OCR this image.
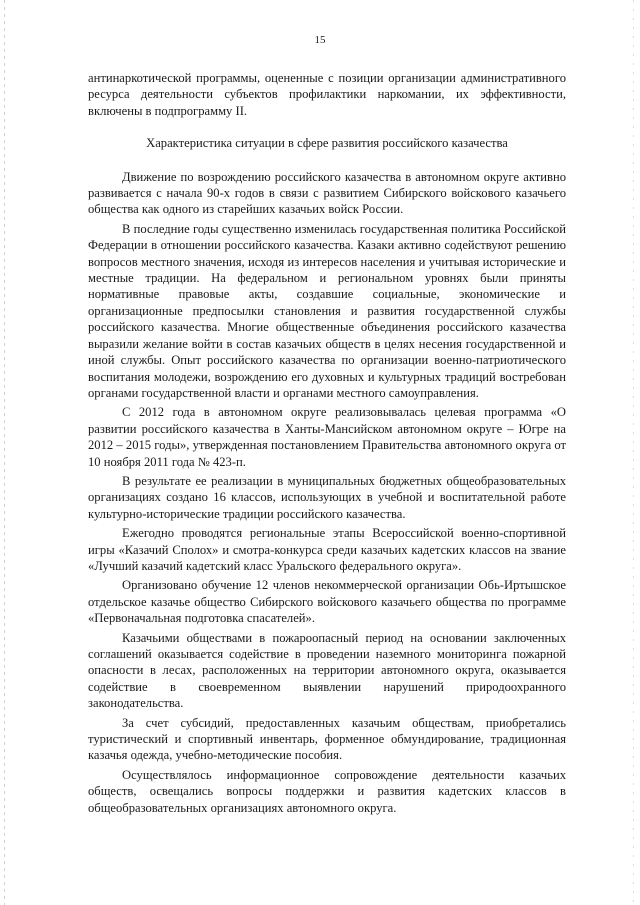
15

антинаркотической программы, оцененные с позиции организации административного ресурса деятельности субъектов профилактики наркомании, их эффективности, включены в подпрограмму II.

Характеристика ситуации в сфере развития российского казачества

Движение по возрождению российского казачества в автономном округе активно развивается с начала 90-х годов в связи с развитием Сибирского войскового казачьего общества как одного из старейших казачьих войск России.

В последние годы существенно изменилась государственная политика Российской Федерации в отношении российского казачества. Казаки активно содействуют решению вопросов местного значения, исходя из интересов населения и учитывая исторические и местные традиции. На федеральном и региональном уровнях были приняты нормативные правовые акты, создавшие социальные, экономические и организационные предпосылки становления и развития государственной службы российского казачества. Многие общественные объединения российского казачества выразили желание войти в состав казачьих обществ в целях несения государственной и иной службы. Опыт российского казачества по организации военно-патриотического воспитания молодежи, возрождению его духовных и культурных традиций востребован органами государственной власти и органами местного самоуправления.

С 2012 года в автономном округе реализовывалась целевая программа «О развитии российского казачества в Ханты-Мансийском автономном округе – Югре на 2012 – 2015 годы», утвержденная постановлением Правительства автономного округа от 10 ноября 2011 года № 423-п.

В результате ее реализации в муниципальных бюджетных общеобразовательных организациях создано 16 классов, использующих в учебной и воспитательной работе культурно-исторические традиции российского казачества.

Ежегодно проводятся региональные этапы Всероссийской военно-спортивной игры «Казачий Сполох» и смотра-конкурса среди казачьих кадетских классов на звание «Лучший казачий кадетский класс Уральского федерального округа».

Организовано обучение 12 членов некоммерческой организации Обь-Иртышское отдельское казачье общество Сибирского войскового казачьего общества по программе «Первоначальная подготовка спасателей».

Казачьими обществами в пожароопасный период на основании заключенных соглашений оказывается содействие в проведении наземного мониторинга пожарной опасности в лесах, расположенных на территории автономного округа, оказывается содействие в своевременном выявлении нарушений природоохранного законодательства.

За счет субсидий, предоставленных казачьим обществам, приобретались туристический и спортивный инвентарь, форменное обмундирование, традиционная казачья одежда, учебно-методические пособия.

Осуществлялось информационное сопровождение деятельности казачьих обществ, освещались вопросы поддержки и развития кадетских классов в общеобразовательных организациях автономного округа.
